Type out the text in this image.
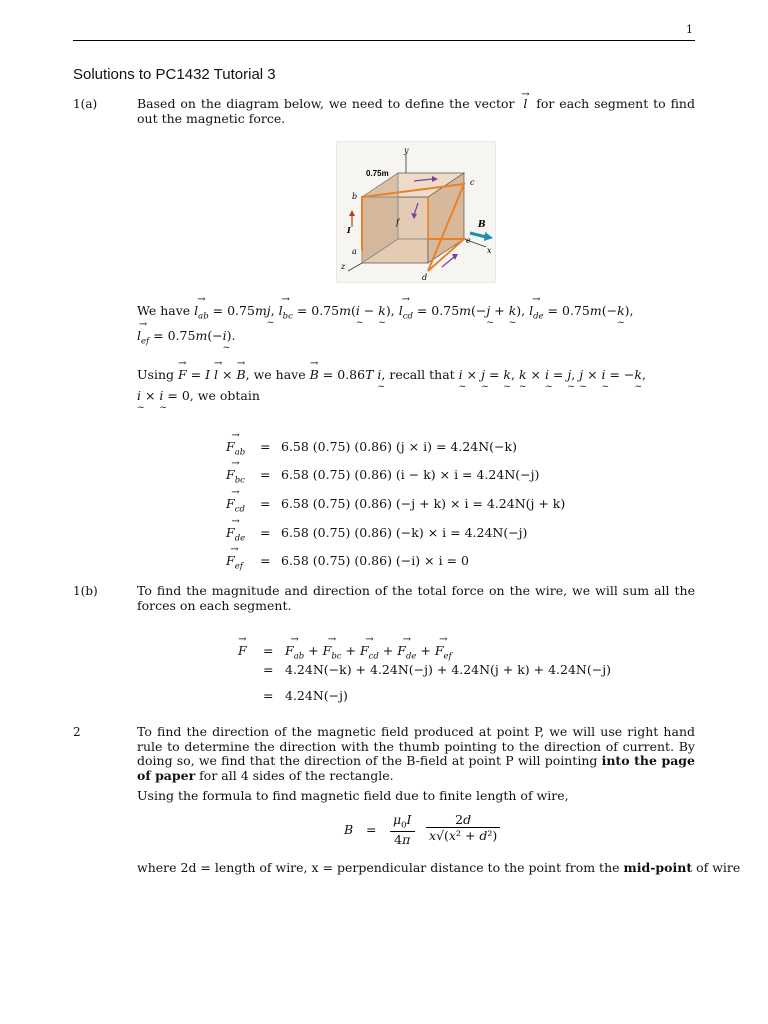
1
Solutions to PC1432 Tutorial 3
1(a)	Based on the diagram below, we need to define the vector →  l  for each segment to find out the magnetic force.
y
x
z
0.75m
I	B
a
b
c
d
e
f
We have → $l_{ab} = 0.75mj$ ~, → $l_{bc} = 0.75m(i$ ~ − k ~), → $l_{cd} = 0.75m(-j$ ~ + k ~), → $l_{de} = 0.75m(-k$ ~),
→ $l_{ef} = 0.75m(-i$ ~).
Using → F = I → l × → B, we have → B = 0.86T i ~, recall that i ~ × j ~ = k ~, k ~ × i ~ = j ~, j ~ × i ~ = −k ~,
i ~ × i ~ = 0, we obtain
→ $F_{ab} = 6.58$ (0.75) (0.86) (j × i) = 4.24N(−k)
→ $F_{bc} = 6.58$ (0.75) (0.86) (i − k) × i = 4.24N(−j)
→ $F_{cd} = 6.58$ (0.75) (0.86) (−j + k) × i = 4.24N(j + k)
→ $F_{de} = 6.58$ (0.75) (0.86) (−k) × i = 4.24N(−j)
→ $F_{ef} = 6.58$ (0.75) (0.86) (−i) × i = 0
1(b)	To find the magnitude and direction of the total force on the wire, we will sum all the forces on each segment.
→ F = → $F_{ab}$ + → $F_{bc}$ + → $F_{cd}$ + → $F_{de}$ + → $F_{ef}$
= 4.24N(−k) + 4.24N(−j) + 4.24N(j + k) + 4.24N(−j)
= 4.24N(−j)
2	To find the direction of the magnetic field produced at point P, we will use right hand rule to determine the direction with the thumb pointing to the direction of current. By doing so, we find that the direction of the B-field at point P will pointing into the page of paper for all 4 sides of the rectangle.
Using the formula to find magnetic field due to finite length of wire,
$B = \frac{\mu_0I}{4\pi} \frac{2d}{\text{x√(x² + d²)}}$
where 2d = length of wire, x = perpendicular distance to the point from the mid-point of wire
